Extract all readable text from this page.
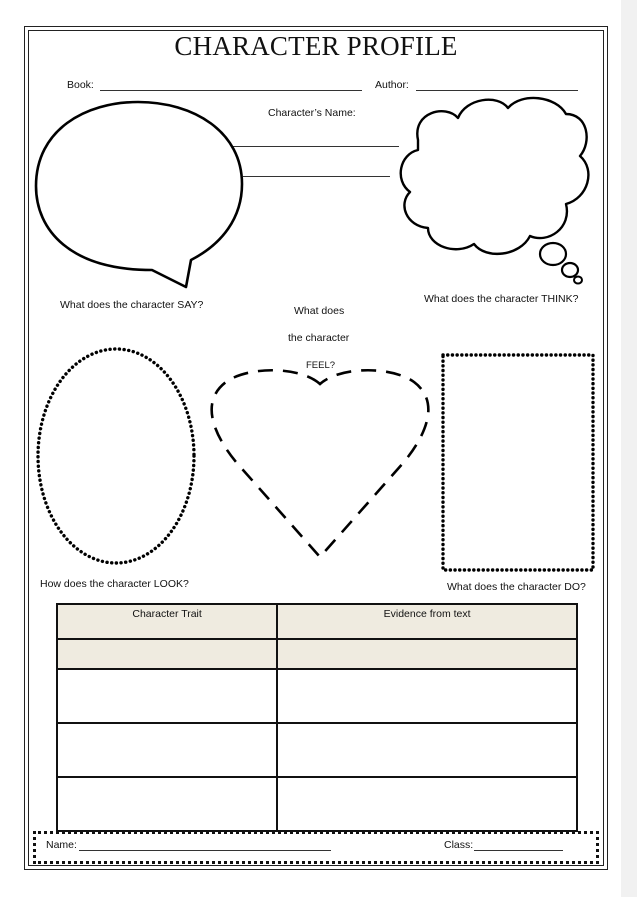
CHARACTER PROFILE
Book:	Author:
Character’s Name:
What does the character SAY?	What does the character THINK?
What does
the character
FEEL?
How does the character LOOK?	What does the character DO?
Character Trait	Evidence from text

Name:	Class:
